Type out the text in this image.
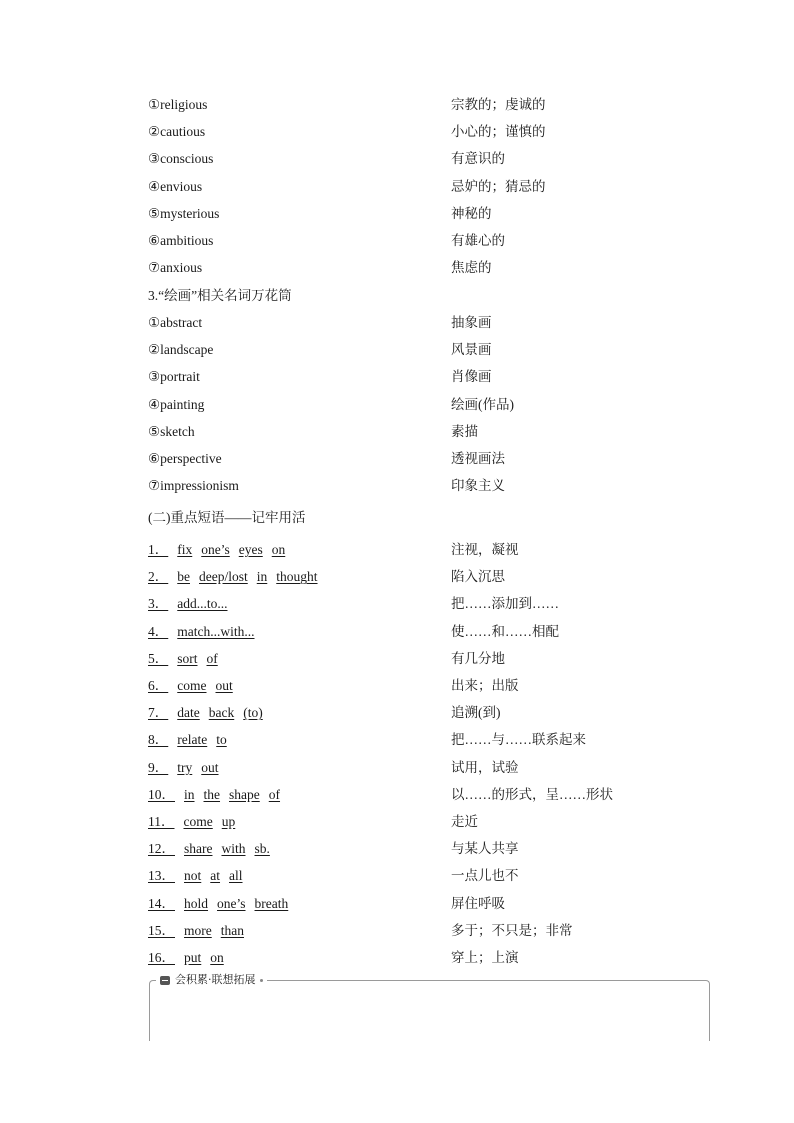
①religious	宗教的；虔诚的
②cautious	小心的；谨慎的
③conscious	有意识的
④envious	忌妒的；猜忌的
⑤mysterious	神秘的
⑥ambitious	有雄心的
⑦anxious	焦虑的
3.“绘画”相关名词万花筒
①abstract	抽象画
②landscape	风景画
③portrait	肖像画
④painting	绘画(作品)
⑤sketch	素描
⑥perspective	透视画法
⑦impressionism	印象主义
(二)重点短语——记牢用活
1． fix one’s eyes on	注视，凝视
2． be deep/lost in thought	陷入沉思
3． add...to...	把……添加到……
4． match...with...	使……和……相配
5． sort of	有几分地
6． come out	出来；出版
7． date back (to)	追溯(到)
8． relate to	把……与……联系起来
9． try out	试用，试验
10． in the shape of	以……的形式，呈……形状
11． come up	走近
12． share with sb.	与某人共享
13． not at all	一点儿也不
14． hold one’s breath	屏住呼吸
15． more than	多于；不只是；非常
16． put on	穿上；上演
会积累·联想拓展
